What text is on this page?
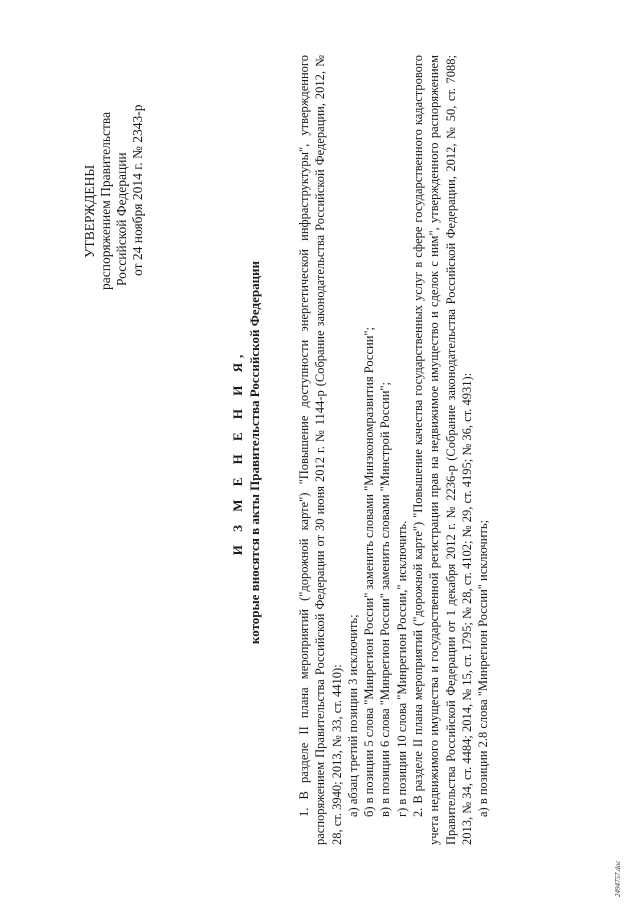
УТВЕРЖДЕНЫ распоряжением Правительства Российской Федерации от 24 ноября 2014 г. № 2343-р
И З М Е Н Е Н И Я, которые вносятся в акты Правительства Российской Федерации	1. В разделе II плана мероприятий ("дорожной карте") "Повышение доступности энергетической инфраструктуры", утвержденного распоряжением Правительства Российской Федерации от 30 июня 2012 г. № 1144-р (Собрание законодательства Российской Федерации, 2012, № 28, ст. 3940; 2013, № 33, ст. 4410): а) абзац третий позиции 3 исключить; б) в позиции 5 слова "Минрегион России" заменить словами "Минэкономразвития России"; в) в позиции 6 слова "Минрегион России" заменить словами "Минстрой России"; г) в позиции 10 слова "Минрегион России," исключить. 2. В разделе II плана мероприятий ("дорожной карте") "Повышение качества государственных услуг в сфере государственного кадастрового учета недвижимого имущества и государственной регистрации прав на недвижимое имущество и сделок с ним", утвержденного распоряжением Правительства Российской Федерации от 1 декабря 2012 г. № 2236-р (Собрание законодательства Российской Федерации, 2012, № 50, ст. 7088; 2013, № 34, ст. 4484; 2014, № 15, ст. 1795; № 28, ст. 4102; № 29, ст. 4195; № 36, ст. 4931): а) в позиции 2.8 слова "Минрегион России" исключить;

2494757.doc
